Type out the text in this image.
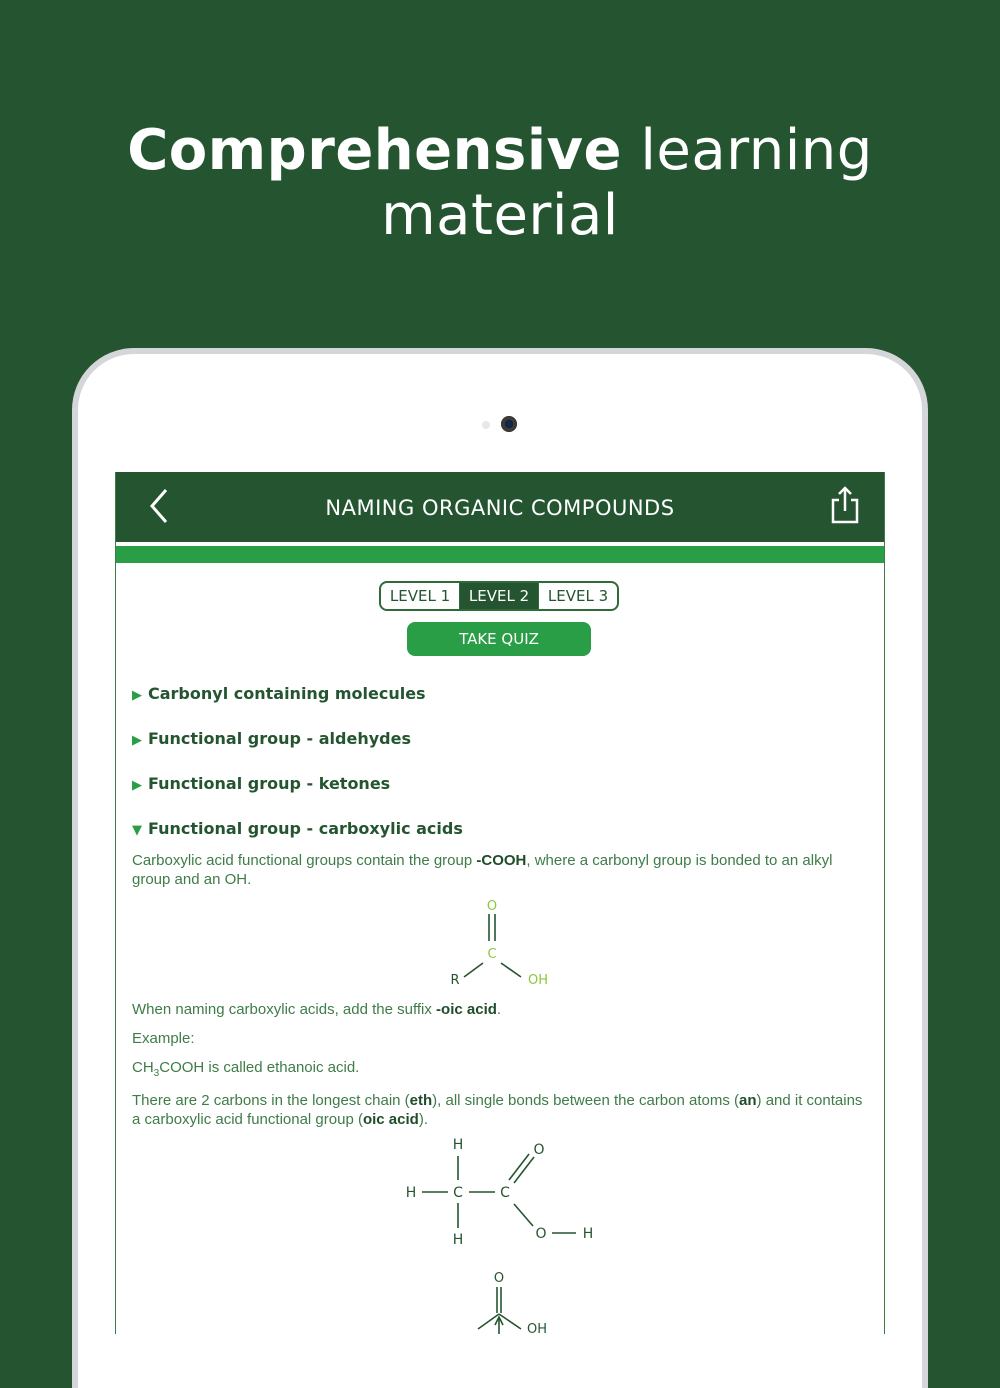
Comprehensive learning material
NAMING ORGANIC COMPOUNDS
LEVEL 1	LEVEL 2	LEVEL 3
TAKE QUIZ
▶ Carbonyl containing molecules
▶ Functional group - aldehydes
▶ Functional group - ketones
▼ Functional group - carboxylic acids
Carboxylic acid functional groups contain the group -COOH, where a carbonyl group is bonded to an alkyl group and an OH.
O
C
R	OH
When naming carboxylic acids, add the suffix -oic acid.
Example:
$CH_3COOH$ is called ethanoic acid.
There are 2 carbons in the longest chain (eth), all single bonds between the carbon atoms (an) and it contains a carboxylic acid functional group (oic acid).
H
H	C	C
H
O
O	H
O
OH
